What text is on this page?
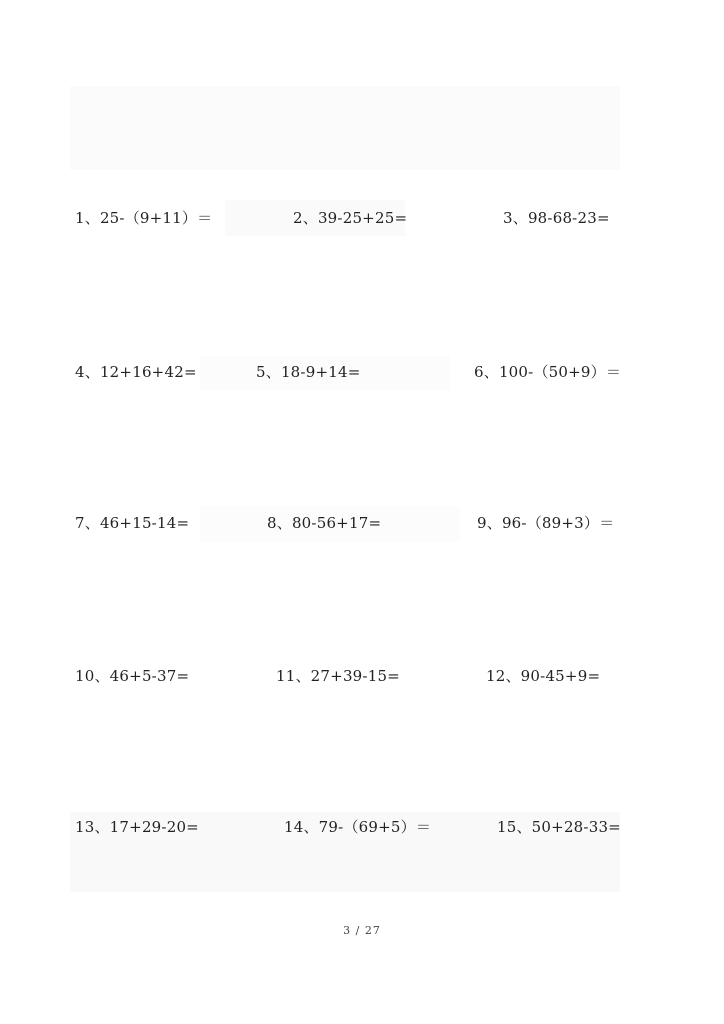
1、25-（9+11）＝	2、39-25+25=	3、98-68-23=
4、12+16+42=	5、18-9+14=	6、100-（50+9）＝
7、46+15-14=	8、80-56+17=	9、96-（89+3）＝
10、46+5-37=	11、27+39-15=	12、90-45+9=
13、17+29-20=	14、79-（69+5）＝	15、50+28-33=
3 / 27
